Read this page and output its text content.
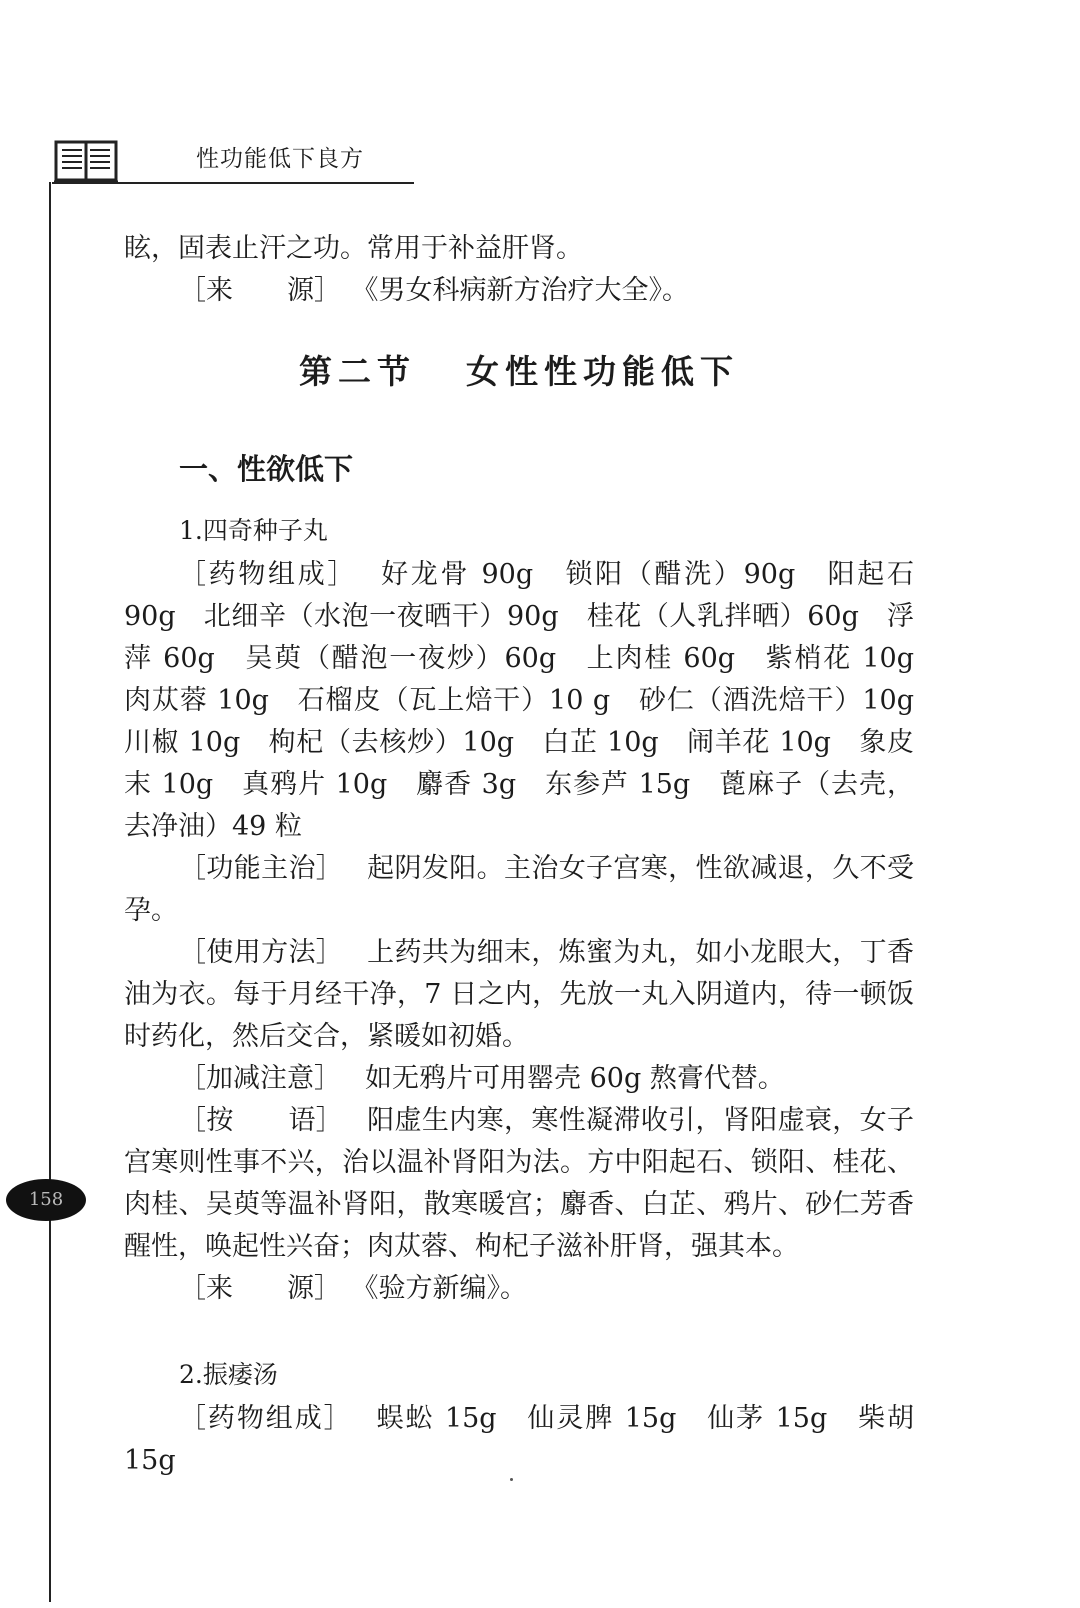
性功能低下良方
158

眩，固表止汗之功。常用于补益肝肾。

［来　　源］ 《男女科病新方治疗大全》。

第二节 女性性功能低下
一、性欲低下
1.四奇种子丸

［药物组成］ 好龙骨 90g　锁阳（醋洗）90g　阳起石 90g　北细辛（水泡一夜晒干）90g　桂花（人乳拌晒）60g　浮萍 60g　吴萸（醋泡一夜炒）60g　上肉桂 60g　紫梢花 10g　肉苁蓉 10g　石榴皮（瓦上焙干）10 g　砂仁（酒洗焙干）10g　川椒 10g　枸杞（去核炒）10g　白芷 10g　闹羊花 10g　象皮末 10g　真鸦片 10g　麝香 3g　东参芦 15g　蓖麻子（去壳，去净油）49 粒

［功能主治］ 起阴发阳。主治女子宫寒，性欲减退，久不受孕。

［使用方法］ 上药共为细末，炼蜜为丸，如小龙眼大，丁香油为衣。每于月经干净，7 日之内，先放一丸入阴道内，待一顿饭时药化，然后交合，紧暖如初婚。

［加减注意］ 如无鸦片可用罂壳 60g 熬膏代替。

［按　　语］ 阳虚生内寒，寒性凝滞收引，肾阳虚衰，女子宫寒则性事不兴，治以温补肾阳为法。方中阳起石、锁阳、桂花、肉桂、吴萸等温补肾阳，散寒暖宫；麝香、白芷、鸦片、砂仁芳香醒性，唤起性兴奋；肉苁蓉、枸杞子滋补肝肾，强其本。

［来　　源］ 《验方新编》。

2.振痿汤

［药物组成］ 蜈蚣 15g　仙灵脾 15g　仙茅 15g　柴胡 15g
